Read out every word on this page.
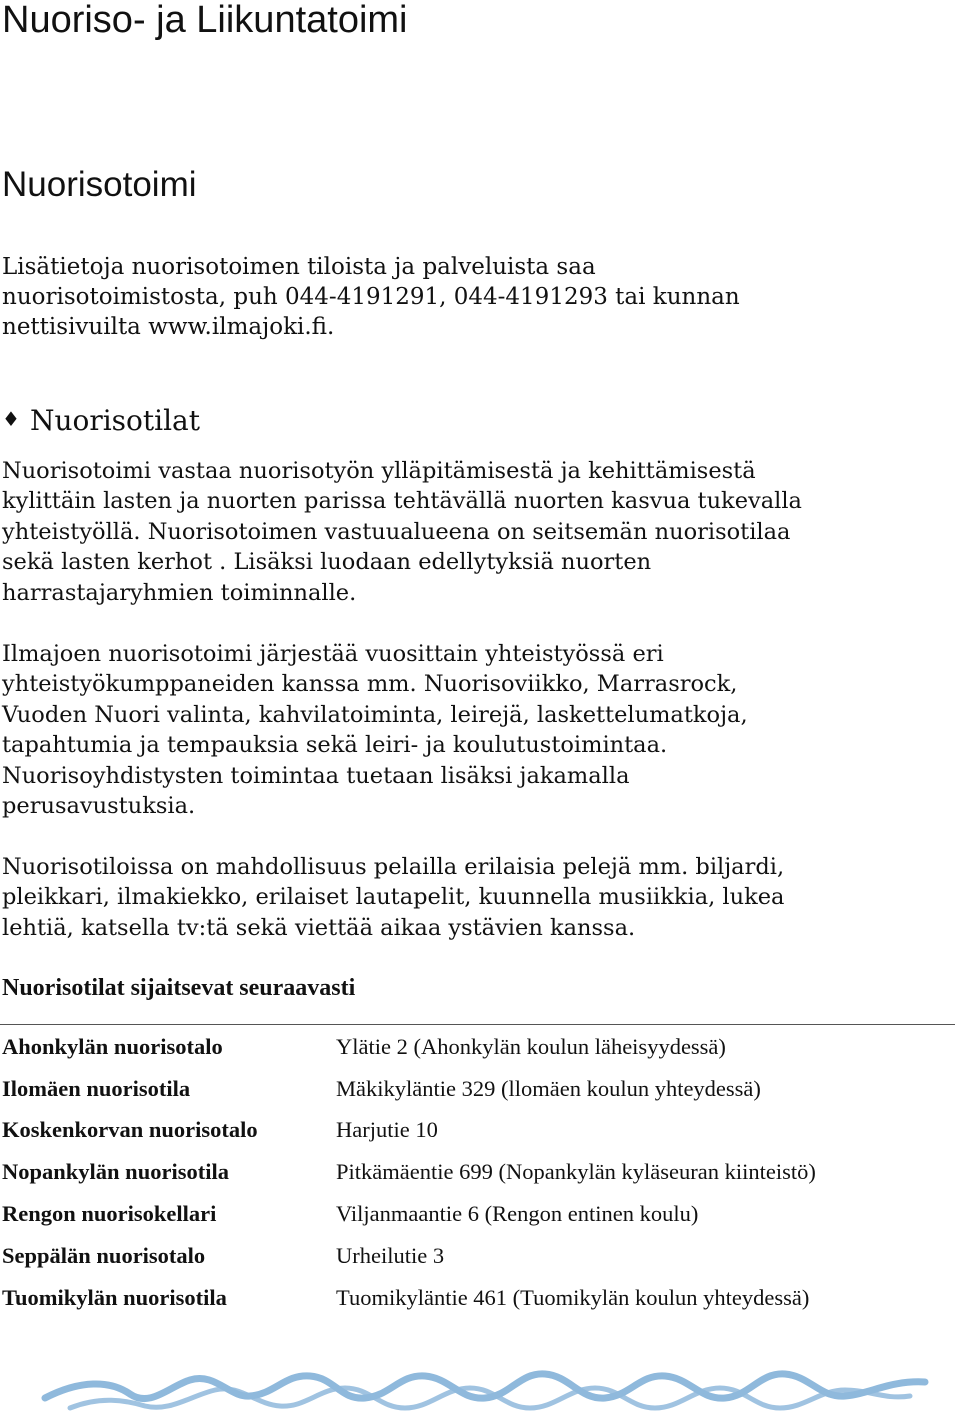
Nuoriso- ja Liikuntatoimi
Nuorisotoimi

Lisätietoja nuorisotoimen tiloista ja palveluista saa
nuorisotoimistosta, puh 044-4191291, 044-4191293 tai kunnan
nettisivuilta www.ilmajoki.fi.

♦ Nuorisotilat

Nuorisotoimi vastaa nuorisotyön ylläpitämisestä ja kehittämisestä
kylittäin lasten ja nuorten parissa tehtävällä nuorten kasvua tukevalla
yhteistyöllä. Nuorisotoimen vastuualueena on seitsemän nuorisotilaa
sekä lasten kerhot . Lisäksi luodaan edellytyksiä nuorten
harrastajaryhmien toiminnalle.

Ilmajoen nuorisotoimi järjestää vuosittain yhteistyössä eri
yhteistyökumppaneiden kanssa mm. Nuorisoviikko, Marrasrock,
Vuoden Nuori valinta, kahvilatoiminta, leirejä, laskettelumatkoja,
tapahtumia ja tempauksia sekä leiri- ja koulutustoimintaa.
Nuorisoyhdistysten toimintaa tuetaan lisäksi jakamalla
perusavustuksia.

Nuorisotiloissa on mahdollisuus pelailla erilaisia pelejä mm. biljardi,
pleikkari, ilmakiekko, erilaiset lautapelit, kuunnella musiikkia, lukea
lehtiä, katsella tv:tä sekä viettää aikaa ystävien kanssa.

Nuorisotilat sijaitsevat seuraavasti
Ahonkylän nuorisotalo	Ylätie 2 (Ahonkylän koulun läheisyydessä)
Ilomäen nuorisotila	Mäkikyläntie 329 (llomäen koulun yhteydessä)
Koskenkorvan nuorisotalo	Harjutie 10
Nopankylän nuorisotila	Pitkämäentie 699 (Nopankylän kyläseuran kiinteistö)
Rengon nuorisokellari	Viljanmaantie 6 (Rengon entinen koulu)
Seppälän nuorisotalo	Urheilutie 3
Tuomikylän nuorisotila	Tuomikyläntie 461 (Tuomikylän koulun yhteydessä)
